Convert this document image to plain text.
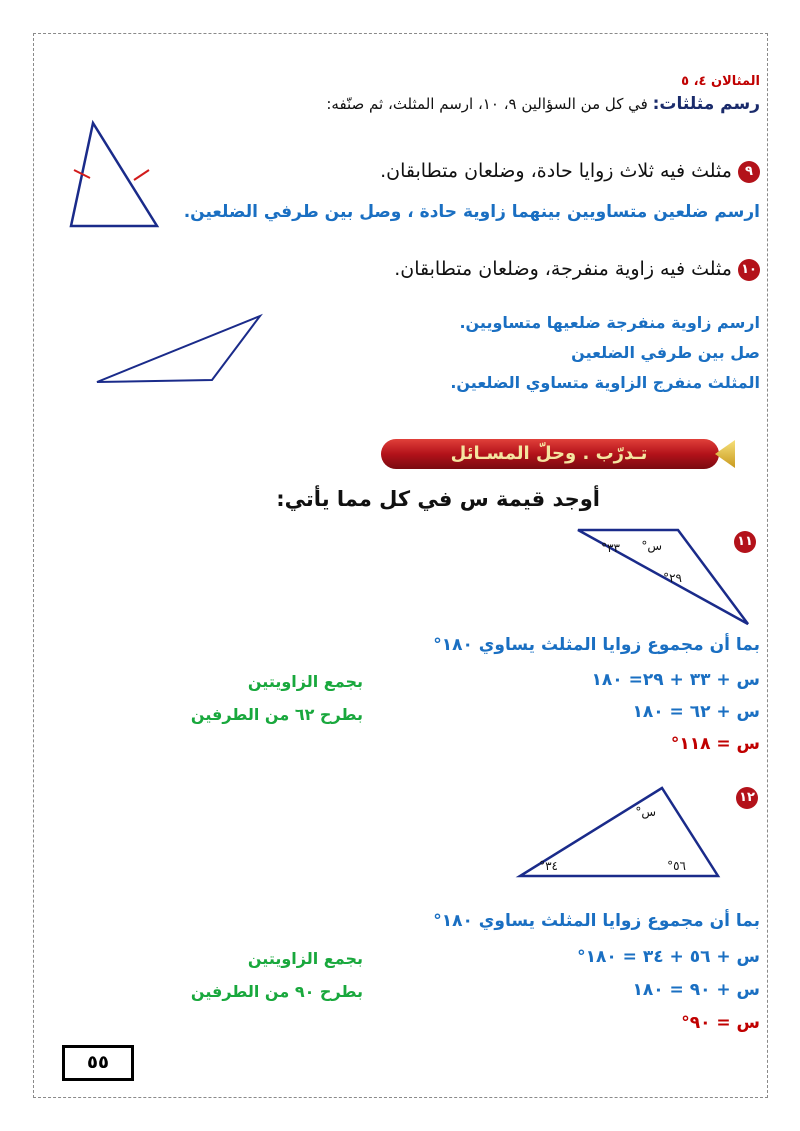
المثالان ٤، ٥
رسم مثلثات: في كل من السؤالين ٩، ١٠، ارسم المثلث، ثم صنّفه:
٩ مثلث فيه ثلاث زوايا حادة، وضلعان متطابقان.
ارسم ضلعين متساويين بينهما زاوية حادة ، وصل بين طرفي الضلعين.
١٠ مثلث فيه زاوية منفرجة، وضلعان متطابقان.
ارسم زاوية منفرجة ضلعيها متساويين.
صل بين طرفي الضلعين
المثلث منفرج الزاوية متساوي الضلعين.
تـدرّب . وحلّ المسـائل
أوجد قيمة س في كل مما يأتي:
١١
س°
٣٣°
٢٩°
بما أن مجموع زوايا المثلث يساوي ١٨٠°
س + ٣٣ + ٢٩= ١٨٠
س + ٦٢ = ١٨٠
س = ١١٨°
بجمع الزاويتين
بطرح ٦٢ من الطرفين
١٢
س°
٥٦°
٣٤°
بما أن مجموع زوايا المثلث يساوي ١٨٠°
س + ٥٦ + ٣٤ = ١٨٠°
س + ٩٠ = ١٨٠
س = ٩٠°
بجمع الزاويتين
بطرح ٩٠ من الطرفين
٥٥
